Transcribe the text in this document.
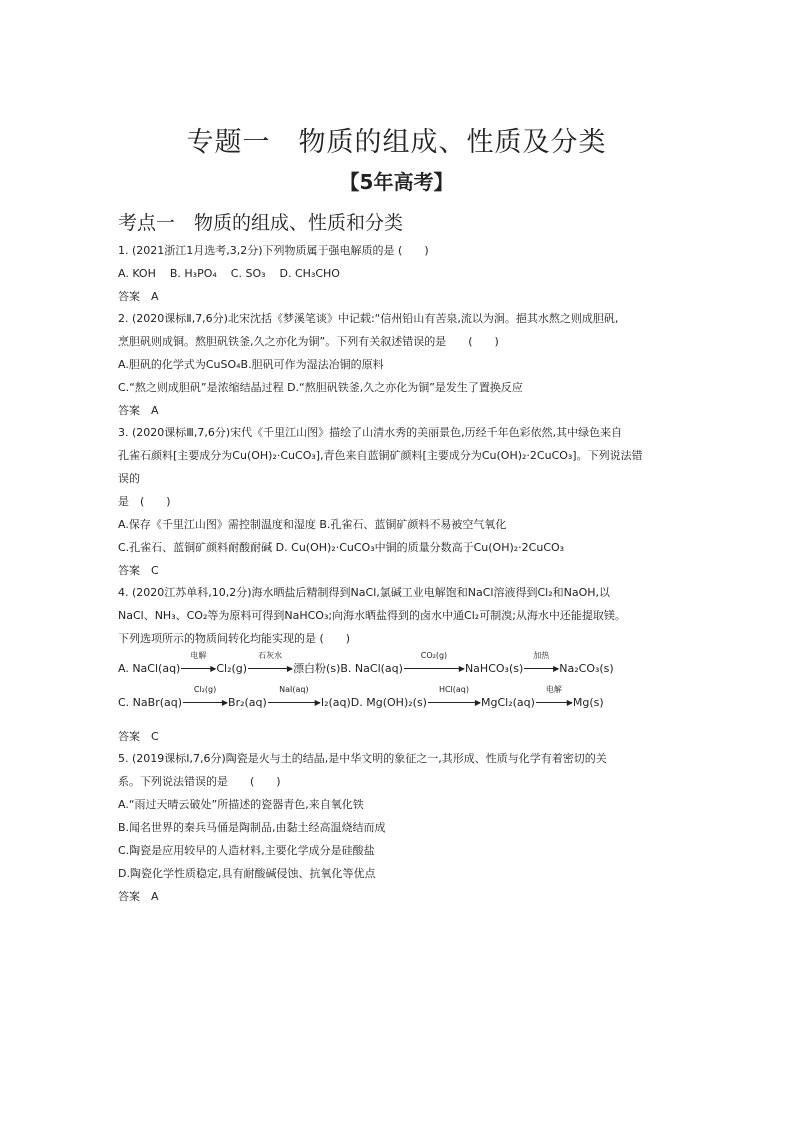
专题一　物质的组成、性质及分类
【5年高考】
考点一　物质的组成、性质和分类
1. (2021浙江1月选考,3,2分)下列物质属于强电解质的是 (　　)
A. KOH B. H₃PO₄ C. SO₃ D. CH₃CHO
答案　A
2. (2020课标Ⅱ,7,6分)北宋沈括《梦溪笔谈》中记载:“信州铅山有苦泉,流以为涧。挹其水熬之则成胆矾,
烹胆矾则成铜。熬胆矾铁釜,久之亦化为铜”。下列有关叙述错误的是　　(　　)
A.胆矾的化学式为CuSO₄B.胆矾可作为湿法冶铜的原料
C.“熬之则成胆矾”是浓缩结晶过程 D.“熬胆矾铁釜,久之亦化为铜”是发生了置换反应
答案　A
3. (2020课标Ⅲ,7,6分)宋代《千里江山图》描绘了山清水秀的美丽景色,历经千年色彩依然,其中绿色来自
孔雀石颜料[主要成分为Cu(OH)₂·CuCO₃],青色来自蓝铜矿颜料[主要成分为Cu(OH)₂·2CuCO₃]。下列说法错
误的
是　(　　)
A.保存《千里江山图》需控制温度和湿度 B.孔雀石、蓝铜矿颜料不易被空气氧化
C.孔雀石、蓝铜矿颜料耐酸耐碱 D. Cu(OH)₂·CuCO₃中铜的质量分数高于Cu(OH)₂·2CuCO₃
答案　C
4. (2020江苏单科,10,2分)海水晒盐后精制得到NaCl,氯碱工业电解饱和NaCl溶液得到Cl₂和NaOH,以
NaCl、NH₃、CO₂等为原料可得到NaHCO₃;向海水晒盐得到的卤水中通Cl₂可制溴;从海水中还能提取镁。
下列选项所示的物质间转化均能实现的是 (　　)
A. NaCl(aq)
电解
▶ Cl₂(g)
石灰水
▶ 漂白粉(s)B. NaCl(aq)
CO₂(g)
▶ NaHCO₃(s)
加热
▶ Na₂CO₃(s)
C. NaBr(aq)
Cl₂(g)
▶ Br₂(aq)
NaI(aq)
▶ I₂(aq)D. Mg(OH)₂(s)
HCl(aq)
▶ MgCl₂(aq)
电解
▶ Mg(s)
答案　C
5. (2019课标Ⅰ,7,6分)陶瓷是火与土的结晶,是中华文明的象征之一,其形成、性质与化学有着密切的关
系。下列说法错误的是　　(　　)
A.“雨过天晴云破处”所描述的瓷器青色,来自氧化铁
B.闻名世界的秦兵马俑是陶制品,由黏土经高温烧结而成
C.陶瓷是应用较早的人造材料,主要化学成分是硅酸盐
D.陶瓷化学性质稳定,具有耐酸碱侵蚀、抗氧化等优点
答案　A
